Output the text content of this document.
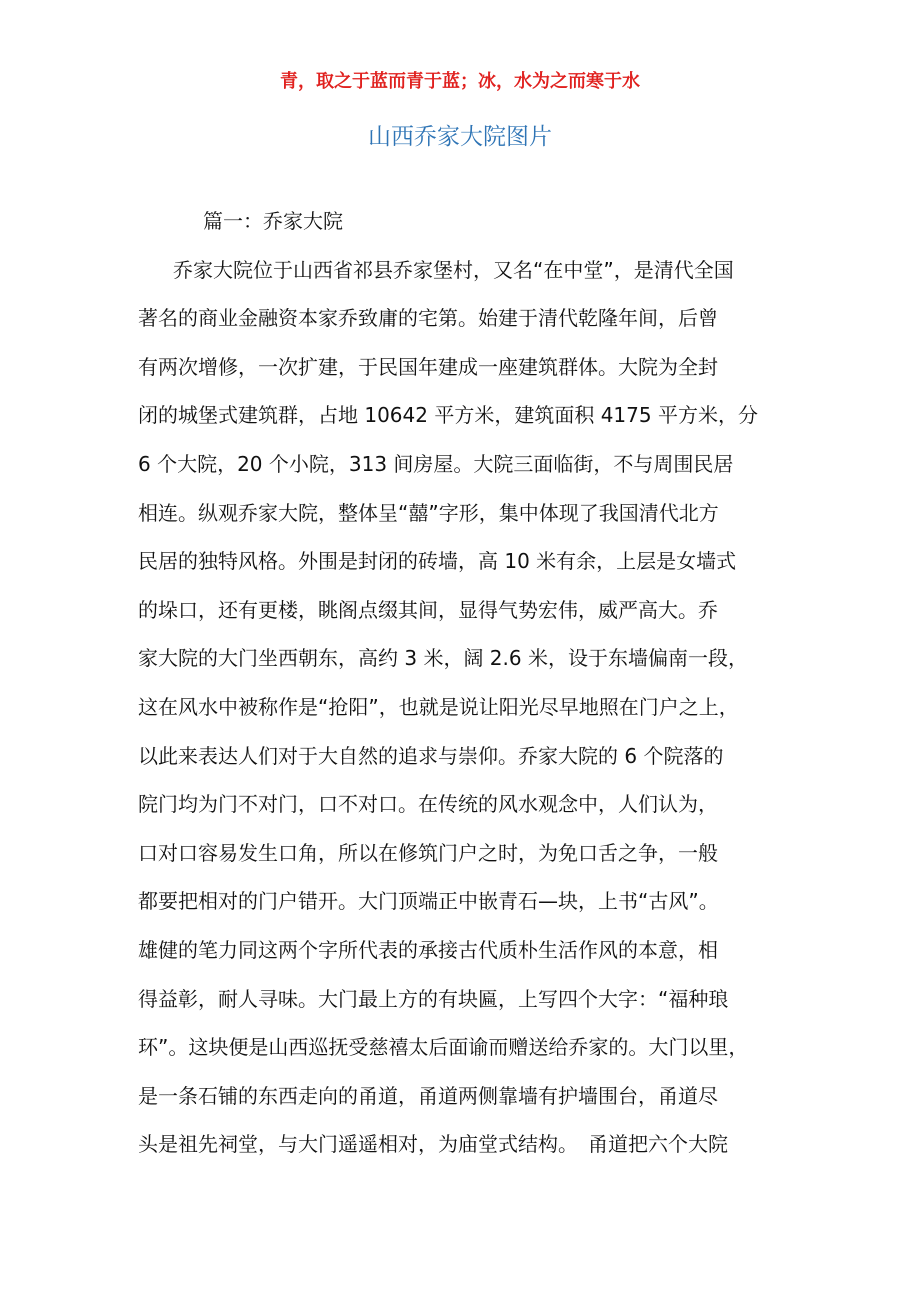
青，取之于蓝而青于蓝；冰，水为之而寒于水
山西乔家大院图片
篇一：乔家大院
乔家大院位于山西省祁县乔家堡村，又名“在中堂”，是清代全国
著名的商业金融资本家乔致庸的宅第。始建于清代乾隆年间，后曾
有两次增修，一次扩建，于民国年建成一座建筑群体。大院为全封
闭的城堡式建筑群，占地 10642 平方米，建筑面积 4175 平方米，分
6 个大院，20 个小院，313 间房屋。大院三面临街，不与周围民居
相连。纵观乔家大院，整体呈“囍”字形，集中体现了我国清代北方
民居的独特风格。外围是封闭的砖墙，高 10 米有余，上层是女墙式
的垛口，还有更楼，眺阁点缀其间，显得气势宏伟，威严高大。乔
家大院的大门坐西朝东，高约 3 米，阔 2.6 米，设于东墙偏南一段，
这在风水中被称作是“抢阳”，也就是说让阳光尽早地照在门户之上，
以此来表达人们对于大自然的追求与崇仰。乔家大院的 6 个院落的
院门均为门不对门，口不对口。在传统的风水观念中，人们认为，
口对口容易发生口角，所以在修筑门户之时，为免口舌之争，一般
都要把相对的门户错开。大门顶端正中嵌青石—块，上书“古风”。
雄健的笔力同这两个字所代表的承接古代质朴生活作风的本意，相
得益彰，耐人寻味。大门最上方的有块匾，上写四个大字：“福种琅
环”。这块便是山西巡抚受慈禧太后面谕而赠送给乔家的。大门以里，
是一条石铺的东西走向的甬道，甬道两侧靠墙有护墙围台，甬道尽
头是祖先祠堂，与大门遥遥相对，为庙堂式结构。　甬道把六个大院
